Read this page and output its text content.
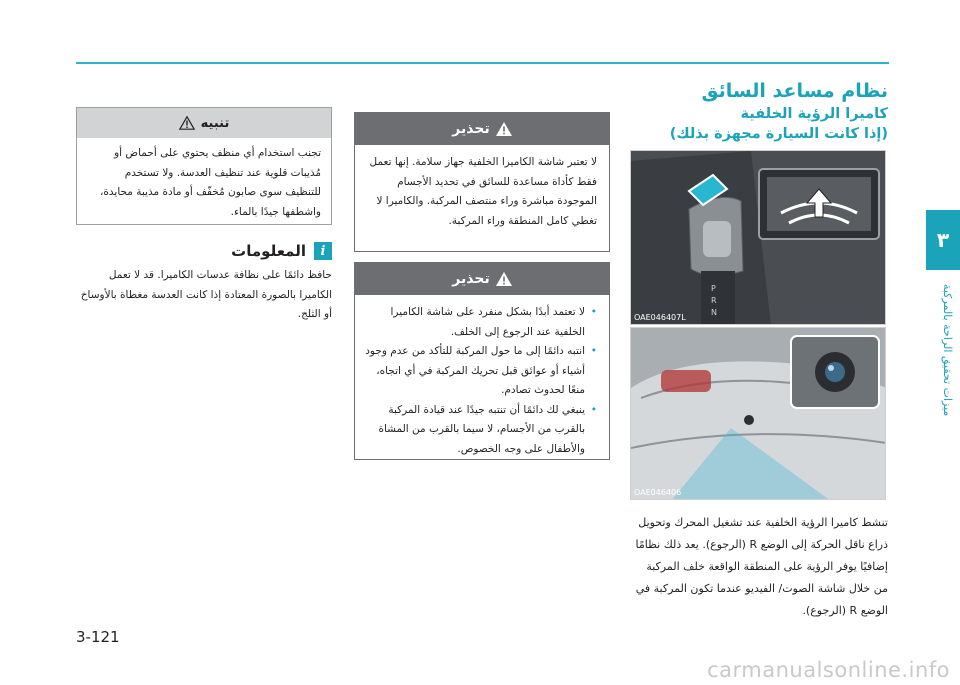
٣
ميزات تحقيق الراحة بالمركبة
نظام مساعد السائق
كاميرا الرؤية الخلفية
(إذا كانت السيارة مجهزة بذلك)
P
R
N
OAE046407L
OAE046406

تنشط كاميرا الرؤية الخلفية عند تشغيل المحرك وتحويل ذراع ناقل الحركة إلى الوضع R (الرجوع). يعد ذلك نظامًا إضافيًا يوفر الرؤية على المنطقة الواقعة خلف المركبة من خلال شاشة الصوت/ الفيديو عندما تكون المركبة في الوضع R (الرجوع).

تحذير
لا تعتبر شاشة الكاميرا الخلفية جهاز سلامة. إنها تعمل فقط كأداة مساعدة للسائق في تحديد الأجسام الموجودة مباشرة وراء منتصف المركبة. والكاميرا لا تغطي كامل المنطقة وراء المركبة.
تحذير
• لا تعتمد أبدًا بشكل منفرد على شاشة الكاميرا الخلفية عند الرجوع إلى الخلف.
• انتبه دائمًا إلى ما حول المركبة للتأكد من عدم وجود أشياء أو عوائق قبل تحريك المركبة في أي اتجاه، منعًا لحدوث تصادم.
• ينبغي لك دائمًا أن تنتبه جيدًا عند قيادة المركبة بالقرب من الأجسام، لا سيما بالقرب من المشاة والأطفال على وجه الخصوص.
تنبيه
تجنب استخدام أي منظف يحتوي على أحماض أو مُذيبات قلوية عند تنظيف العدسة. ولا تستخدم للتنظيف سوى صابون مُخفّف أو مادة مذيبة محايدة، واشطفها جيدًا بالماء.
i
المعلومات

حافظ دائمًا على نظافة عدسات الكاميرا. قد لا تعمل الكاميرا بالصورة المعتادة إذا كانت العدسة مغطاة بالأوساخ أو الثلج.

3-121
carmanualsonline.info
